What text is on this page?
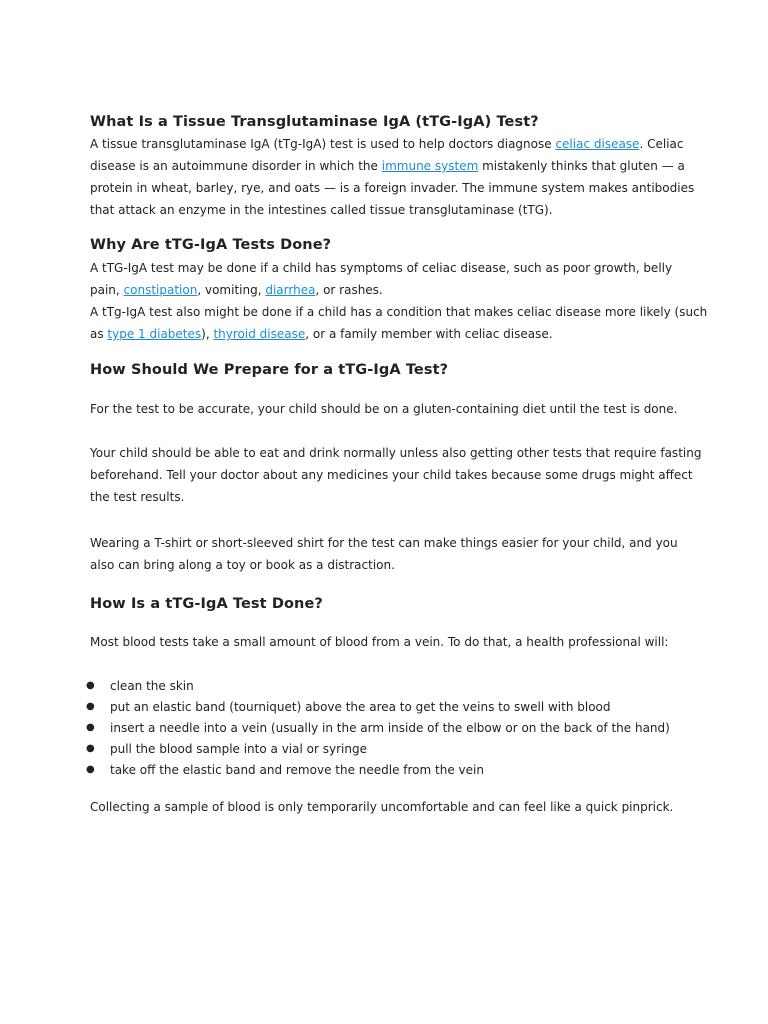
What Is a Tissue Transglutaminase IgA (tTG-IgA) Test?
A tissue transglutaminase IgA (tTg-IgA) test is used to help doctors diagnose celiac disease. Celiac
disease is an autoimmune disorder in which the immune system mistakenly thinks that gluten — a
protein in wheat, barley, rye, and oats — is a foreign invader. The immune system makes antibodies
that attack an enzyme in the intestines called tissue transglutaminase (tTG).
Why Are tTG-IgA Tests Done?
A tTG-IgA test may be done if a child has symptoms of celiac disease, such as poor growth, belly
pain, constipation, vomiting, diarrhea, or rashes.
A tTg-IgA test also might be done if a child has a condition that makes celiac disease more likely (such
as type 1 diabetes), thyroid disease, or a family member with celiac disease.
How Should We Prepare for a tTG-IgA Test?
For the test to be accurate, your child should be on a gluten-containing diet until the test is done.
Your child should be able to eat and drink normally unless also getting other tests that require fasting
beforehand. Tell your doctor about any medicines your child takes because some drugs might affect
the test results.
Wearing a T-shirt or short-sleeved shirt for the test can make things easier for your child, and you
also can bring along a toy or book as a distraction.
How Is a tTG-IgA Test Done?
Most blood tests take a small amount of blood from a vein. To do that, a health professional will:
● clean the skin
● put an elastic band (tourniquet) above the area to get the veins to swell with blood
● insert a needle into a vein (usually in the arm inside of the elbow or on the back of the hand)
● pull the blood sample into a vial or syringe
● take off the elastic band and remove the needle from the vein
Collecting a sample of blood is only temporarily uncomfortable and can feel like a quick pinprick.
